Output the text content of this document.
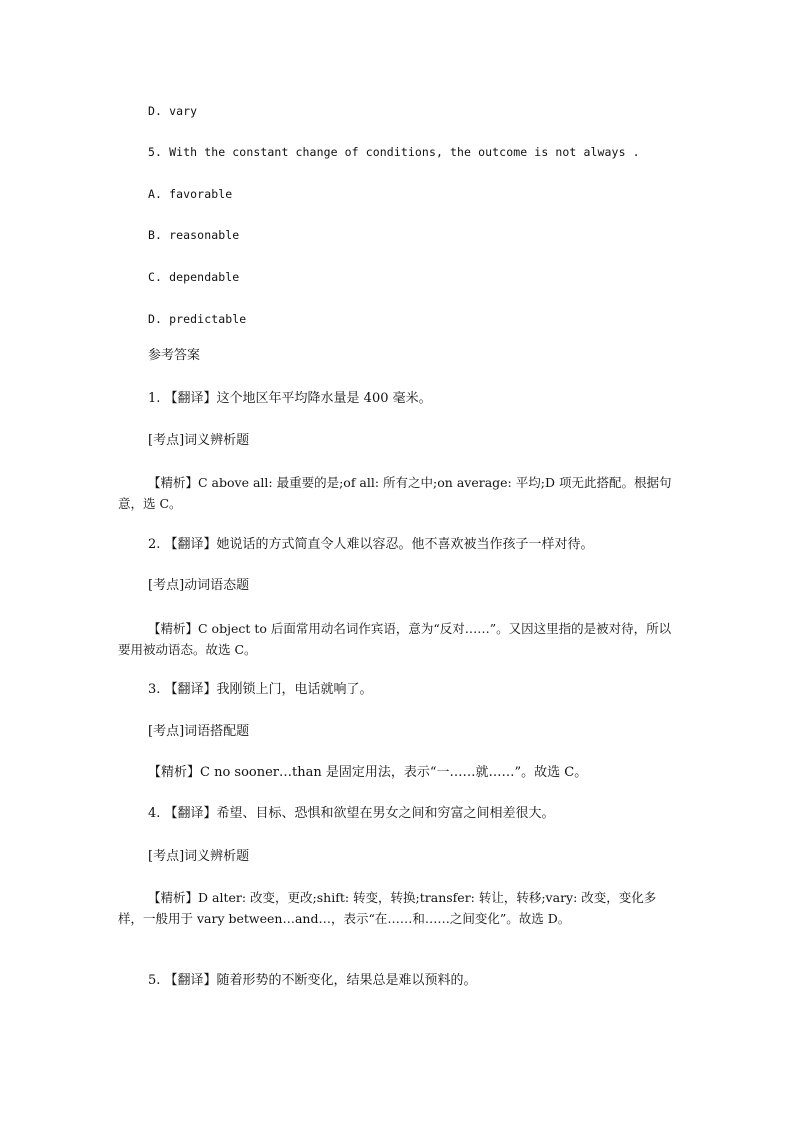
D. vary
5. With the constant change of conditions, the outcome is not always .
A. favorable
B. reasonable
C. dependable
D. predictable
参考答案
1. 【翻译】这个地区年平均降水量是 400 毫米。
[考点]词义辨析题
【精析】C above all: 最重要的是;of all: 所有之中;on average: 平均;D 项无此搭配。根据句意，选 C。
2. 【翻译】她说话的方式简直令人难以容忍。他不喜欢被当作孩子一样对待。
[考点]动词语态题
【精析】C object to 后面常用动名词作宾语，意为“反对……”。又因这里指的是被对待，所以要用被动语态。故选 C。
3. 【翻译】我刚锁上门，电话就响了。
[考点]词语搭配题
【精析】C no sooner…than 是固定用法，表示“一……就……”。故选 C。
4. 【翻译】希望、目标、恐惧和欲望在男女之间和穷富之间相差很大。
[考点]词义辨析题
【精析】D alter: 改变，更改;shift: 转变，转换;transfer: 转让，转移;vary: 改变，变化多样，一般用于 vary between…and…，表示“在……和……之间变化”。故选 D。
5. 【翻译】随着形势的不断变化，结果总是难以预料的。
